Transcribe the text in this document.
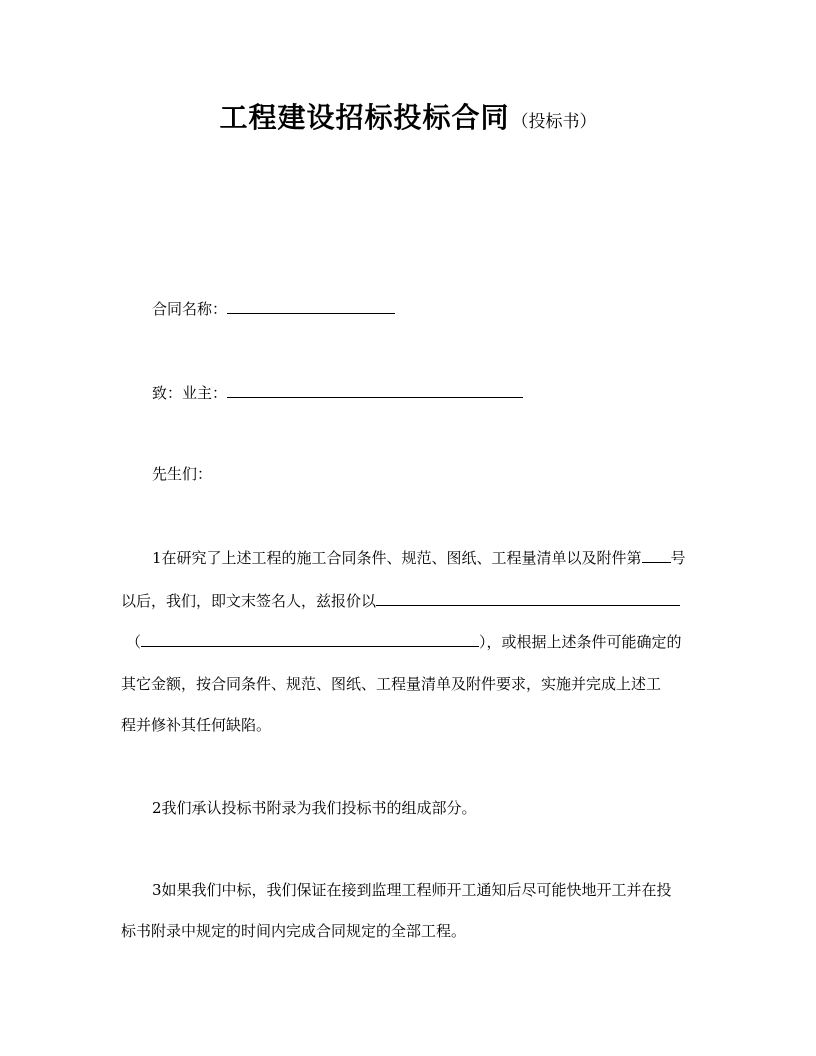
工程建设招标投标合同 （投标书）
合同名称：
致：业主：
先生们：
1在研究了上述工程的施工合同条件、规范、图纸、工程量清单以及附件第 号
以后，我们，即文末签名人，兹报价以
（	），或根据上述条件可能确定的
其它金额，按合同条件、规范、图纸、工程量清单及附件要求，实施并完成上述工
程并修补其任何缺陷。
2我们承认投标书附录为我们投标书的组成部分。
3如果我们中标，我们保证在接到监理工程师开工通知后尽可能快地开工并在投
标书附录中规定的时间内完成合同规定的全部工程。
